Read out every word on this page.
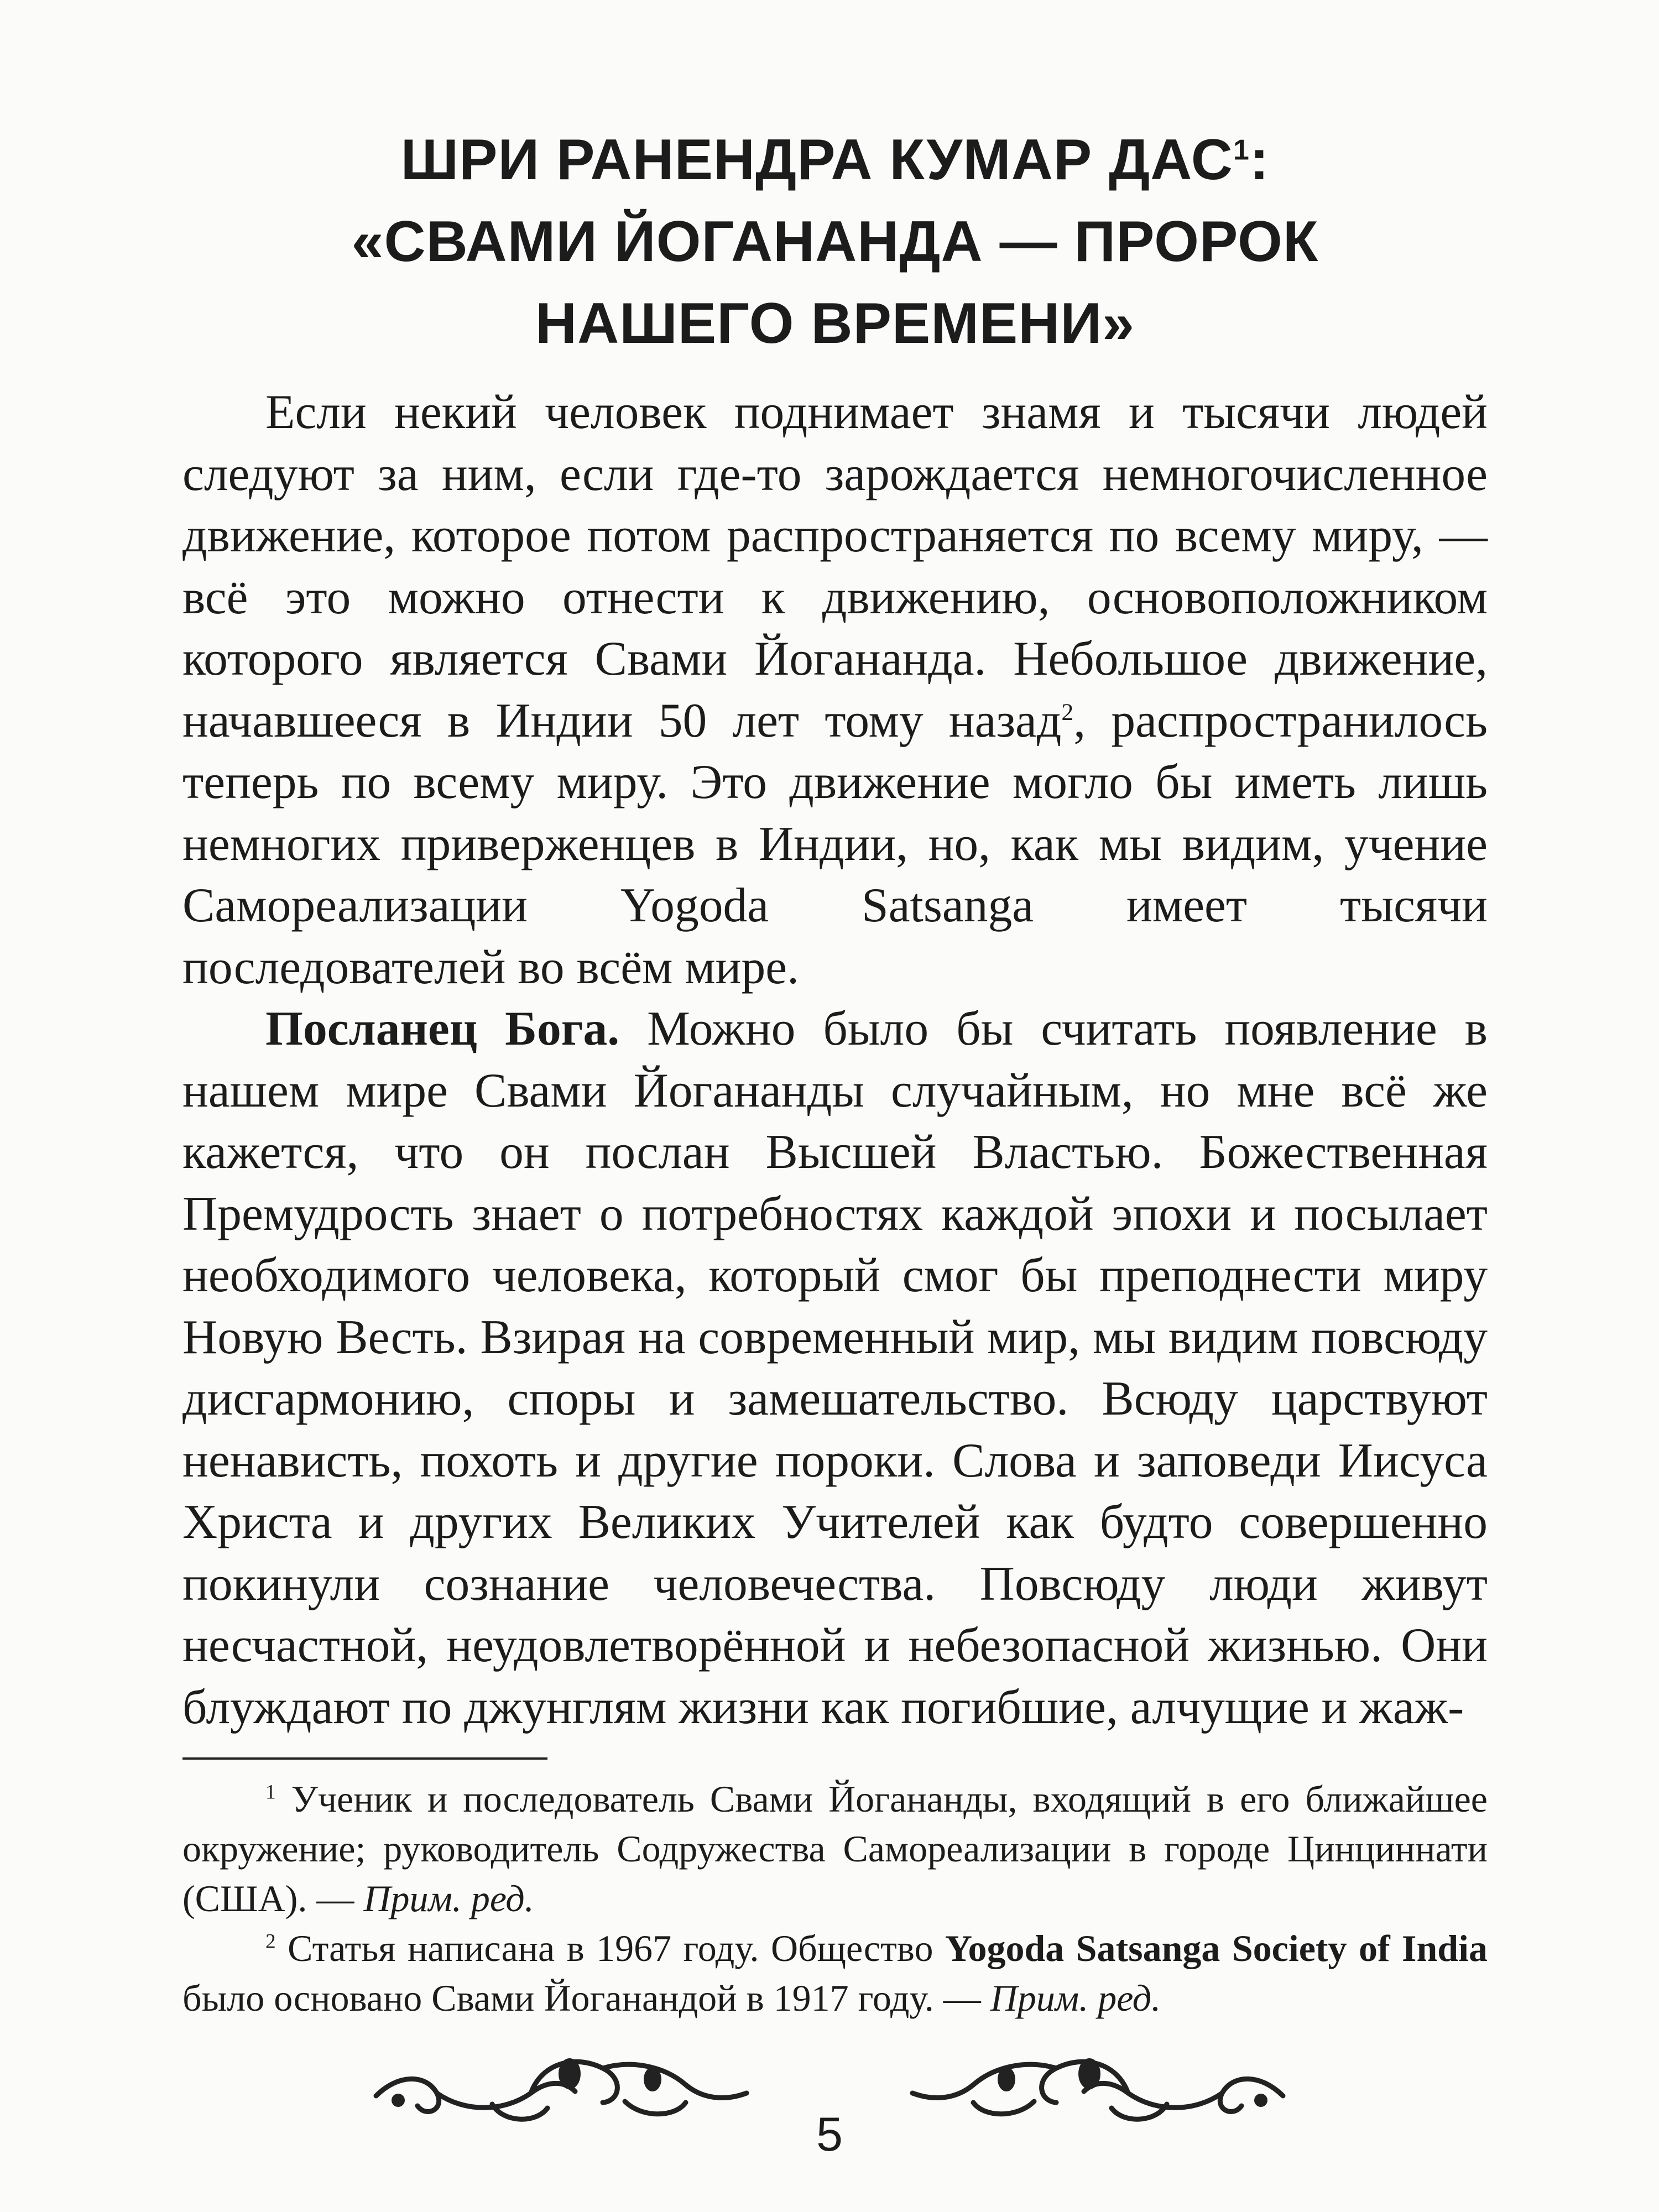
ШРИ РАНЕНДРА КУМАР ДАС$^1$:
«СВАМИ ЙОГАНАНДА — ПРОРОК
НАШЕГО ВРЕМЕНИ»

Если некий человек поднимает знамя и тысячи людей следуют за ним, если где-то зарождается немногочисленное движение, которое потом распространяется по всему миру, — всё это можно отнести к движению, основоположником которого является Свами Йогананда. Небольшое движение, начавшееся в Индии 50 лет тому назад$^2$, распространилось теперь по всему миру. Это движение могло бы иметь лишь немногих приверженцев в Индии, но, как мы видим, учение Самореализации Yogoda Satsanga имеет тысячи последователей во всём мире.

Посланец Бога. Можно было бы считать появление в нашем мире Свами Йогананды случайным, но мне всё же кажется, что он послан Высшей Властью. Божественная Премудрость знает о потребностях каждой эпохи и посылает необходимого человека, который смог бы преподнести миру Новую Весть. Взирая на современный мир, мы видим повсюду дисгармонию, споры и замешательство. Всюду царствуют ненависть, похоть и другие пороки. Слова и заповеди Иисуса Христа и других Великих Учителей как будто совершенно покинули сознание человечества. Повсюду люди живут несчастной, неудовлетворённой и небезопасной жизнью. Они блуждают по джунглям жизни как погибшие, алчущие и жаж-

$^1$ Ученик и последователь Свами Йогананды, входящий в его ближайшее окружение; руководитель Содружества Самореализации в городе Цинциннати (США). — Прим. ред.

$^2$ Статья написана в 1967 году. Общество Yogoda Satsanga Society of India было основано Свами Йоганандой в 1917 году. — Прим. ред.

5
